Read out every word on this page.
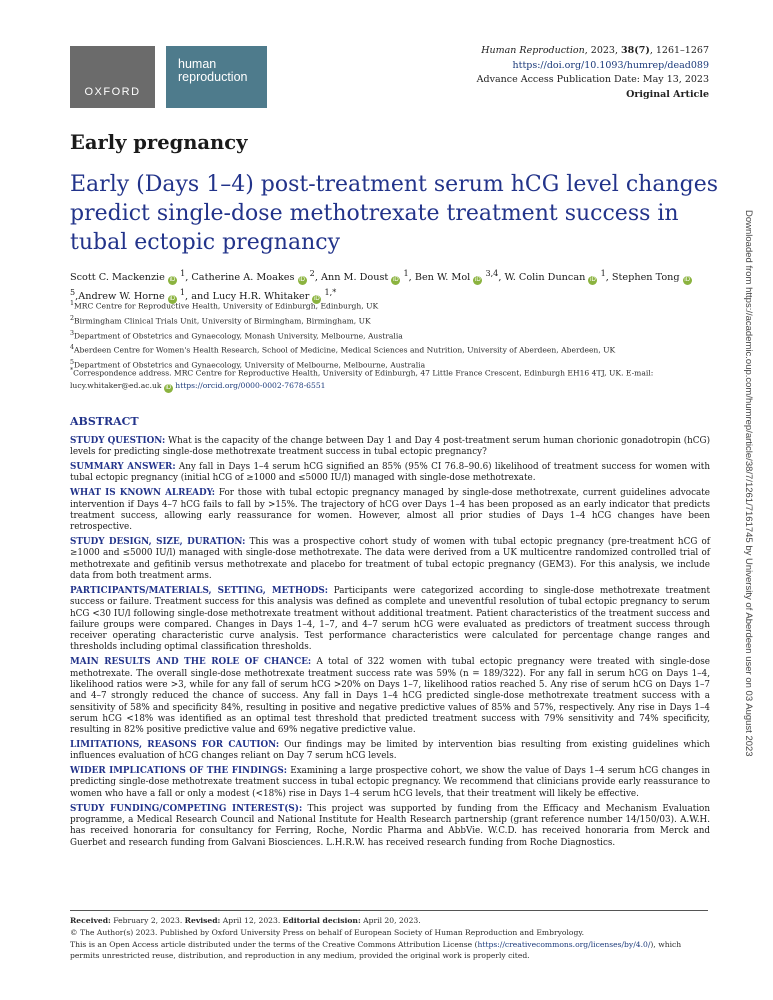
OXFORD
human
reproduction
Human Reproduction, 2023, 38(7), 1261–1267
https://doi.org/10.1093/humrep/dead089
Advance Access Publication Date: May 13, 2023
Original Article
Early pregnancy
Early (Days 1–4) post-treatment serum hCG level changes predict single-dose methotrexate treatment success in tubal ectopic pregnancy
Scott C. Mackenzie iD $^1$, Catherine A. Moakes iD $^2$, Ann M. Doust iD $^1$, Ben W. Mol iD $^{3,4}$, W. Colin Duncan iD $^1$, Stephen Tong iD $^5$,Andrew W. Horne iD $^1$, and Lucy H.R. Whitaker iD $^{1,*}$
$^1$MRC Centre for Reproductive Health, University of Edinburgh, Edinburgh, UK
$^2$Birmingham Clinical Trials Unit, University of Birmingham, Birmingham, UK
$^3$Department of Obstetrics and Gynaecology, Monash University, Melbourne, Australia
$^4$Aberdeen Centre for Women's Health Research, School of Medicine, Medical Sciences and Nutrition, University of Aberdeen, Aberdeen, UK
$^5$Department of Obstetrics and Gynaecology, University of Melbourne, Melbourne, Australia
*Correspondence address. MRC Centre for Reproductive Health, University of Edinburgh, 47 Little France Crescent, Edinburgh EH16 4TJ, UK. E-mail: lucy.whitaker@ed.ac.uk iD https://orcid.org/0000-0002-7678-6551
ABSTRACT

STUDY QUESTION: What is the capacity of the change between Day 1 and Day 4 post-treatment serum human chorionic gonadotropin (hCG) levels for predicting single-dose methotrexate treatment success in tubal ectopic pregnancy?

SUMMARY ANSWER: Any fall in Days 1–4 serum hCG signified an 85% (95% CI 76.8–90.6) likelihood of treatment success for women with tubal ectopic pregnancy (initial hCG of ≥1000 and ≤5000 IU/l) managed with single-dose methotrexate.

WHAT IS KNOWN ALREADY: For those with tubal ectopic pregnancy managed by single-dose methotrexate, current guidelines advocate intervention if Days 4–7 hCG fails to fall by >15%. The trajectory of hCG over Days 1–4 has been proposed as an early indicator that predicts treatment success, allowing early reassurance for women. However, almost all prior studies of Days 1–4 hCG changes have been retrospective.

STUDY DESIGN, SIZE, DURATION: This was a prospective cohort study of women with tubal ectopic pregnancy (pre-treatment hCG of ≥1000 and ≤5000 IU/l) managed with single-dose methotrexate. The data were derived from a UK multicentre randomized controlled trial of methotrexate and gefitinib versus methotrexate and placebo for treatment of tubal ectopic pregnancy (GEM3). For this analysis, we include data from both treatment arms.

PARTICIPANTS/MATERIALS, SETTING, METHODS: Participants were categorized according to single-dose methotrexate treatment success or failure. Treatment success for this analysis was defined as complete and uneventful resolution of tubal ectopic pregnancy to serum hCG <30 IU/l following single-dose methotrexate treatment without additional treatment. Patient characteristics of the treatment success and failure groups were compared. Changes in Days 1–4, 1–7, and 4–7 serum hCG were evaluated as predictors of treatment success through receiver operating characteristic curve analysis. Test performance characteristics were calculated for percentage change ranges and thresholds including optimal classification thresholds.

MAIN RESULTS AND THE ROLE OF CHANCE: A total of 322 women with tubal ectopic pregnancy were treated with single-dose methotrexate. The overall single-dose methotrexate treatment success rate was 59% (n = 189/322). For any fall in serum hCG on Days 1–4, likelihood ratios were >3, while for any fall of serum hCG >20% on Days 1–7, likelihood ratios reached 5. Any rise of serum hCG on Days 1–7 and 4–7 strongly reduced the chance of success. Any fall in Days 1–4 hCG predicted single-dose methotrexate treatment success with a sensitivity of 58% and specificity 84%, resulting in positive and negative predictive values of 85% and 57%, respectively. Any rise in Days 1–4 serum hCG <18% was identified as an optimal test threshold that predicted treatment success with 79% sensitivity and 74% specificity, resulting in 82% positive predictive value and 69% negative predictive value.

LIMITATIONS, REASONS FOR CAUTION: Our findings may be limited by intervention bias resulting from existing guidelines which influences evaluation of hCG changes reliant on Day 7 serum hCG levels.

WIDER IMPLICATIONS OF THE FINDINGS: Examining a large prospective cohort, we show the value of Days 1–4 serum hCG changes in predicting single-dose methotrexate treatment success in tubal ectopic pregnancy. We recommend that clinicians provide early reassurance to women who have a fall or only a modest (<18%) rise in Days 1–4 serum hCG levels, that their treatment will likely be effective.

STUDY FUNDING/COMPETING INTEREST(S): This project was supported by funding from the Efficacy and Mechanism Evaluation programme, a Medical Research Council and National Institute for Health Research partnership (grant reference number 14/150/03). A.W.H. has received honoraria for consultancy for Ferring, Roche, Nordic Pharma and AbbVie. W.C.D. has received honoraria from Merck and Guerbet and research funding from Galvani Biosciences. L.H.R.W. has received research funding from Roche Diagnostics.

Received: February 2, 2023. Revised: April 12, 2023. Editorial decision: April 20, 2023.
© The Author(s) 2023. Published by Oxford University Press on behalf of European Society of Human Reproduction and Embryology.
This is an Open Access article distributed under the terms of the Creative Commons Attribution License (https://creativecommons.org/licenses/by/4.0/), which permits unrestricted reuse, distribution, and reproduction in any medium, provided the original work is properly cited.
Downloaded from https://academic.oup.com/humrep/article/38/7/1261/7161745 by University of Aberdeen user on 03 August 2023
